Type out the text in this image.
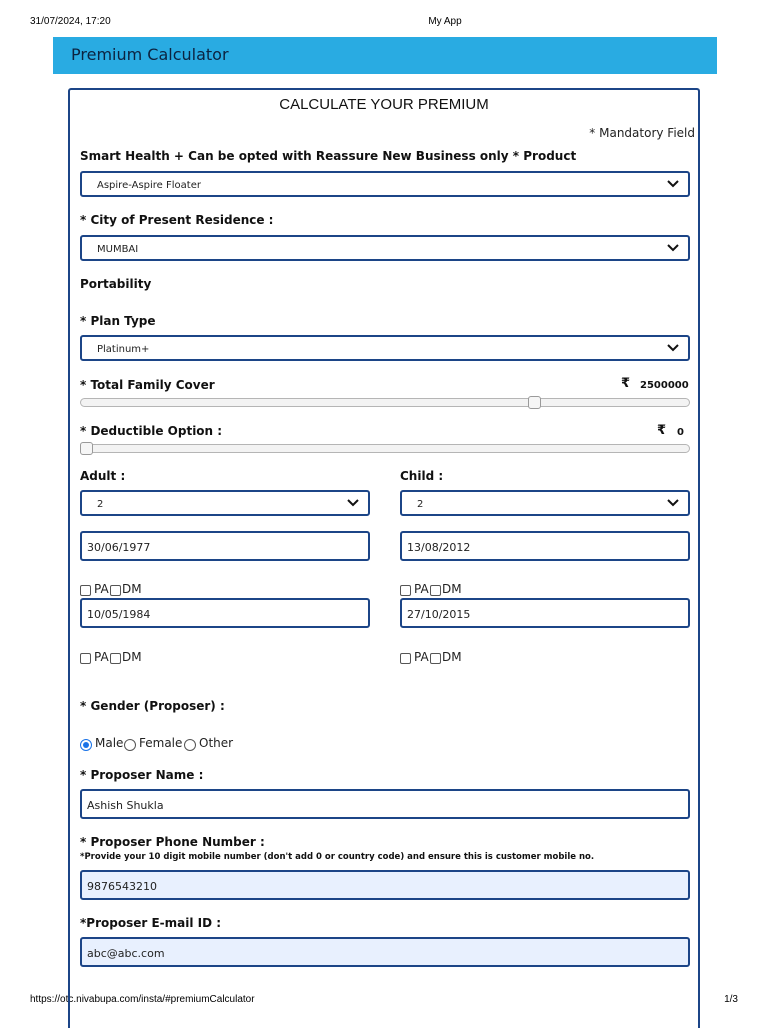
31/07/2024, 17:20	My App
https://otc.nivabupa.com/insta/#premiumCalculator	1/3
Premium Calculator
CALCULATE YOUR PREMIUM
* Mandatory Field
Smart Health + Can be opted with Reassure New Business only * Product
Aspire-Aspire Floater
* City of Present Residence :
MUMBAI
Portability
* Plan Type
Platinum+
* Total Family Cover	₹ 2500000
* Deductible Option :	₹ 0
Adult :	Child :
2	2
30/06/1977	13/08/2012
PA DM	PA DM
10/05/1984	27/10/2015
PA DM	PA DM
* Gender (Proposer) :
Male Female Other
* Proposer Name :
Ashish Shukla
* Proposer Phone Number :
*Provide your 10 digit mobile number (don't add 0 or country code) and ensure this is customer mobile no.
9876543210
*Proposer E-mail ID :
abc@abc.com
